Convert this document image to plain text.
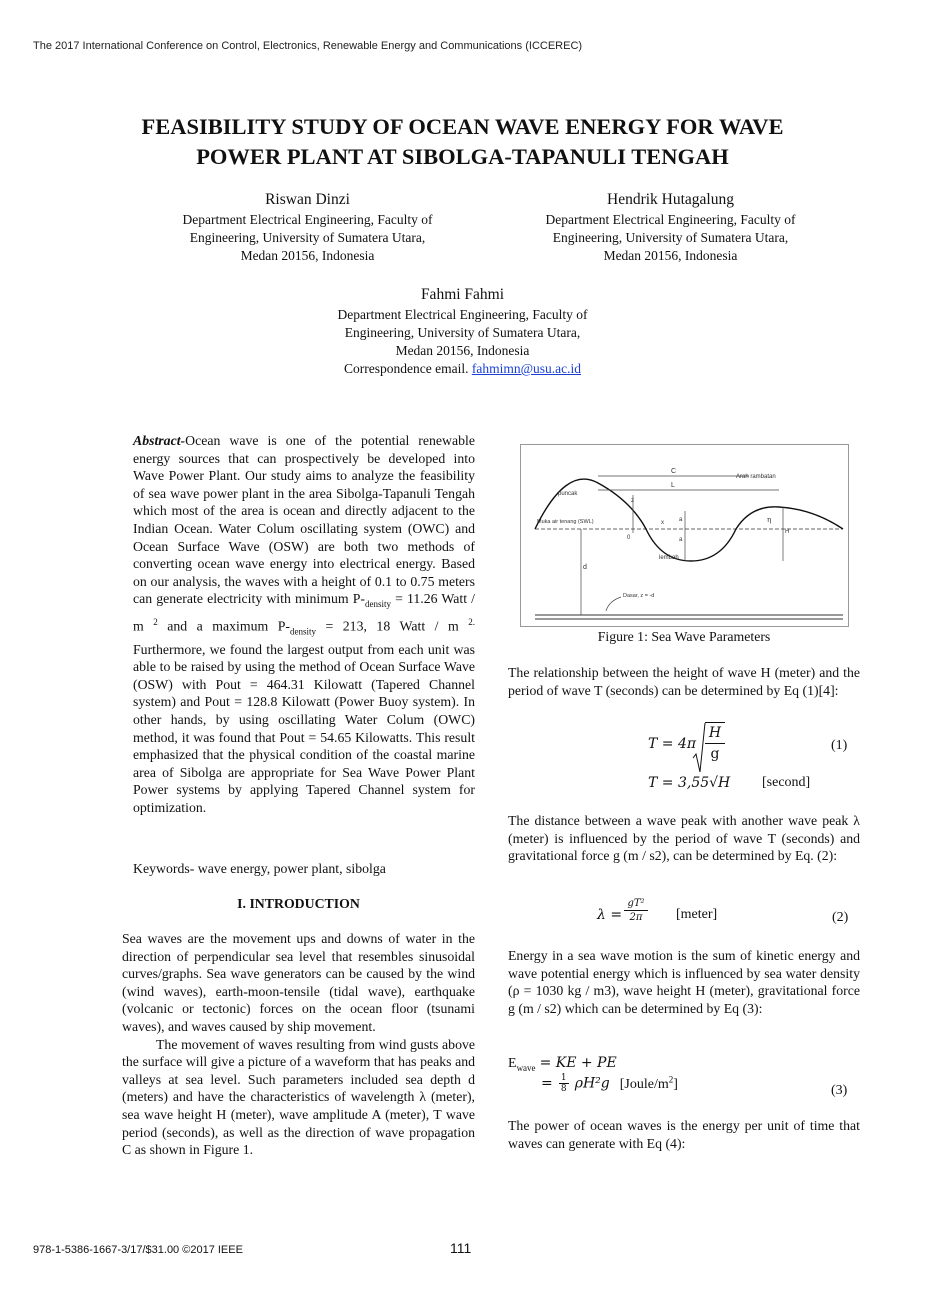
The 2017 International Conference on Control, Electronics, Renewable Energy and Communications (ICCEREC)
FEASIBILITY STUDY OF OCEAN WAVE ENERGY FOR WAVE
POWER PLANT AT SIBOLGA-TAPANULI TENGAH
Riswan Dinzi
Department Electrical Engineering, Faculty of
Engineering, University of Sumatera Utara,
Medan 20156, Indonesia
Hendrik Hutagalung
Department Electrical Engineering, Faculty of
Engineering, University of Sumatera Utara,
Medan 20156, Indonesia
Fahmi Fahmi
Department Electrical Engineering, Faculty of
Engineering, University of Sumatera Utara,
Medan 20156, Indonesia
Correspondence email. fahmimn@usu.ac.id

Abstract-Ocean wave is one of the potential renewable energy sources that can prospectively be developed into Wave Power Plant. Our study aims to analyze the feasibility of sea wave power plant in the area Sibolga-Tapanuli Tengah which most of the area is ocean and directly adjacent to the Indian Ocean. Water Colum oscillating system (OWC) and Ocean Surface Wave (OSW) are both two methods of converting ocean wave energy into electrical energy. Based on our analysis, the waves with a height of 0.1 to 0.75 meters can generate electricity with minimum $P-_{density} = 11.26$ Watt / m $^2$ and a maximum $P-_{density} = 213$, 18 Watt / m $^{2.}$ Furthermore, we found the largest output from each unit was able to be raised by using the method of Ocean Surface Wave (OSW) with Pout = 464.31 Kilowatt (Tapered Channel system) and Pout = 128.8 Kilowatt (Power Buoy system). In other hands, by using oscillating Water Colum (OWC) method, it was found that Pout = 54.65 Kilowatts. This result emphasized that the physical condition of the coastal marine area of Sibolga are appropriate for Sea Wave Power Plant Power systems by applying Tapered Channel system for optimization.

Keywords- wave energy, power plant, sibolga
I. INTRODUCTION

Sea waves are the movement ups and downs of water in the direction of perpendicular sea level that resembles sinusoidal curves/graphs. Sea wave generators can be caused by the wind (wind waves), earth-moon-tensile (tidal wave), earthquake (volcanic or tectonic) forces on the ocean floor (tsunami waves), and waves caused by ship movement.

The movement of waves resulting from wind gusts above the surface will give a picture of a waveform that has peaks and valleys at sea level. Such parameters included sea depth d (meters) and have the characteristics of wavelength λ (meter), sea wave height H (meter), wave amplitude A (meter), T wave period (seconds), as well as the direction of wave propagation C as shown in Figure 1.

C
L
Arah rambatan
puncak
z
Muka air tenang (SWL)	x
0
a
a
η
H
lembah
d
Dasar, z = -d
Figure 1: Sea Wave Parameters
The relationship between the height of wave H (meter) and the period of wave T (seconds) can be determined by Eq (1)[4]:
T = 4π
H
g
(1)
T = 3,55√H [second]
The distance between a wave peak with another wave peak λ (meter) is influenced by the period of wave T (seconds) and gravitational force g (m / s2), can be determined by Eq. (2):
λ =
gT²
2π	[meter]	(2)
Energy in a sea wave motion is the sum of kinetic energy and wave potential energy which is influenced by sea water density (ρ = 1030 kg / m3), wave height H (meter), gravitational force g (m / s2) which can be determined by Eq (3):
$E_{wave}$ = KE + PE
= $\frac{1}{8} \rho H^2g$ $[Joule/m^2]$	(3)
The power of ocean waves is the energy per unit of time that waves can generate with Eq (4):
978-1-5386-1667-3/17/$31.00 ©2017 IEEE	111
